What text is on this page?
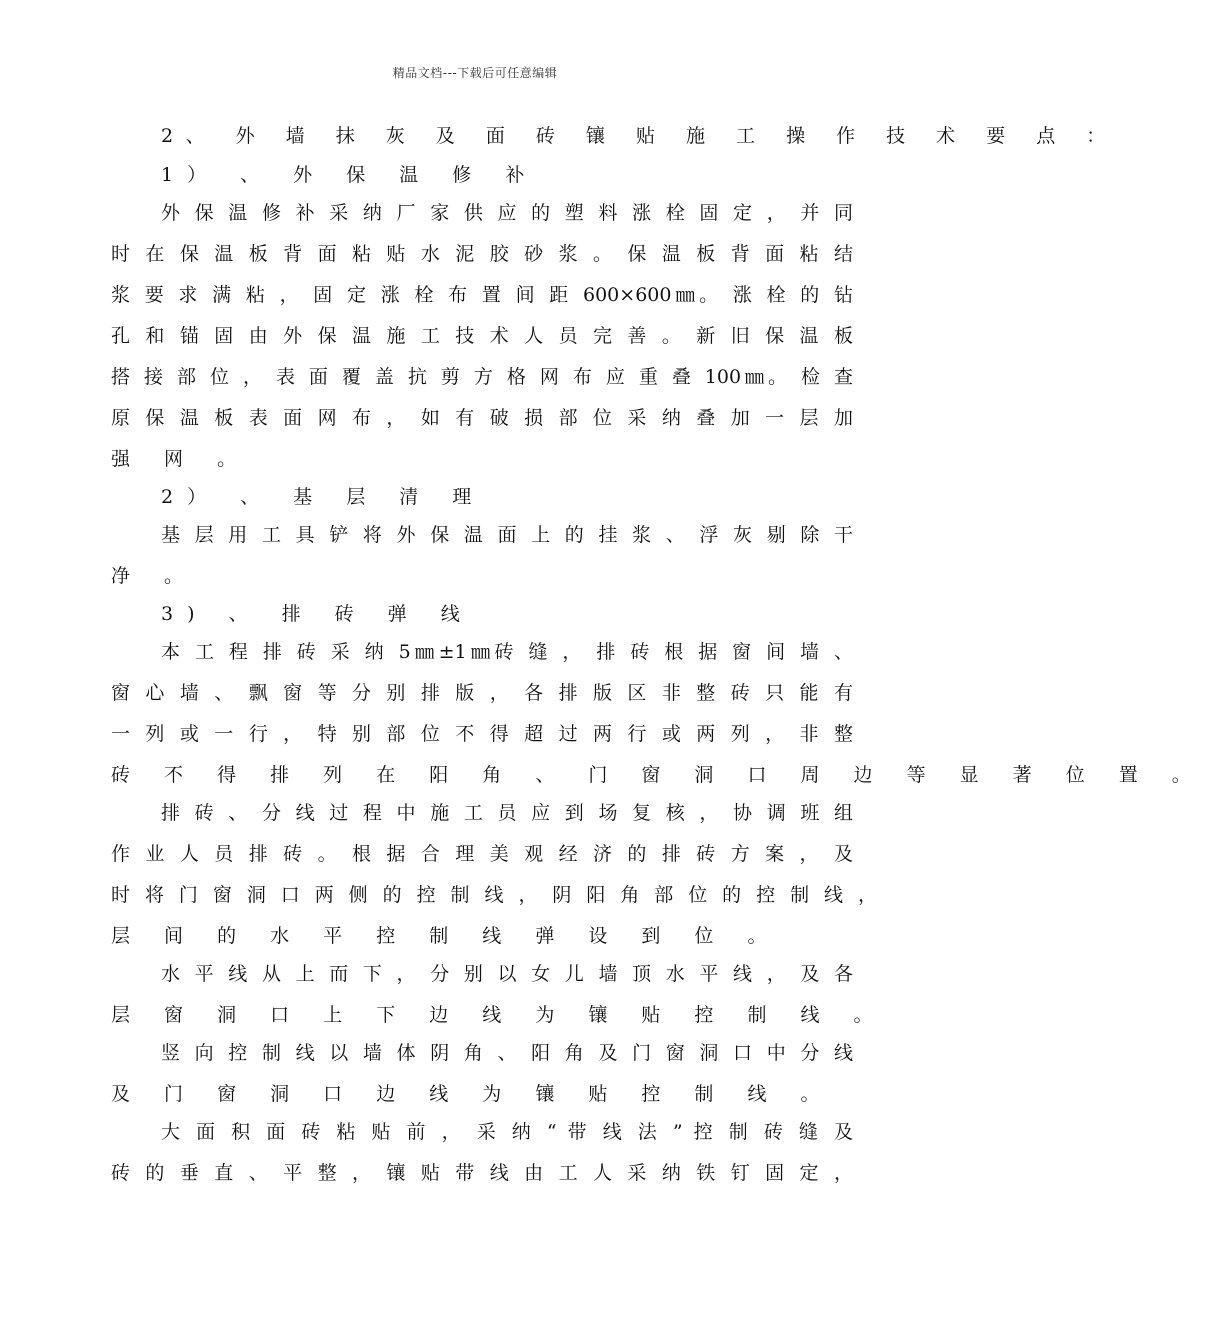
精品文档---下载后可任意编辑
2、 外 墙 抹 灰 及 面 砖 镶 贴 施 工 操 作 技 术 要 点 ：
1） 、 外 保 温 修 补
外 保 温 修 补 采 纳 厂 家 供 应 的 塑 料 涨 栓 固 定 ， 并 同
时 在 保 温 板 背 面 粘 贴 水 泥 胶 砂 浆 。 保 温 板 背 面 粘 结
浆 要 求 满 粘 ， 固 定 涨 栓 布 置 间 距 600×600㎜。 涨 栓 的 钻
孔 和 锚 固 由 外 保 温 施 工 技 术 人 员 完 善 。 新 旧 保 温 板
搭 接 部 位 ， 表 面 覆 盖 抗 剪 方 格 网 布 应 重 叠 100㎜。 检 查
原 保 温 板 表 面 网 布 ， 如 有 破 损 部 位 采 纳 叠 加 一 层 加
强 网 。
2） 、 基 层 清 理
基 层 用 工 具 铲 将 外 保 温 面 上 的 挂 浆 、 浮 灰 剔 除 干
净 。
3) 、 排 砖 弹 线
本 工 程 排 砖 采 纳 5㎜±1㎜砖 缝 ， 排 砖 根 据 窗 间 墙 、
窗 心 墙 、 飘 窗 等 分 别 排 版 ， 各 排 版 区 非 整 砖 只 能 有
一 列 或 一 行 ， 特 别 部 位 不 得 超 过 两 行 或 两 列 ， 非 整
砖 不 得 排 列 在 阳 角 、 门 窗 洞 口 周 边 等 显 著 位 置 。
排 砖 、 分 线 过 程 中 施 工 员 应 到 场 复 核 ， 协 调 班 组
作 业 人 员 排 砖 。 根 据 合 理 美 观 经 济 的 排 砖 方 案 ， 及
时 将 门 窗 洞 口 两 侧 的 控 制 线 ， 阴 阳 角 部 位 的 控 制 线 ，
层 间 的 水 平 控 制 线 弹 设 到 位 。
水 平 线 从 上 而 下 ， 分 别 以 女 儿 墙 顶 水 平 线 ， 及 各
层 窗 洞 口 上 下 边 线 为 镶 贴 控 制 线 。
竖 向 控 制 线 以 墙 体 阴 角 、 阳 角 及 门 窗 洞 口 中 分 线
及 门 窗 洞 口 边 线 为 镶 贴 控 制 线 。
大 面 积 面 砖 粘 贴 前 ， 采 纳 “ 带 线 法 ” 控 制 砖 缝 及
砖 的 垂 直 、 平 整 ， 镶 贴 带 线 由 工 人 采 纳 铁 钉 固 定 ，
